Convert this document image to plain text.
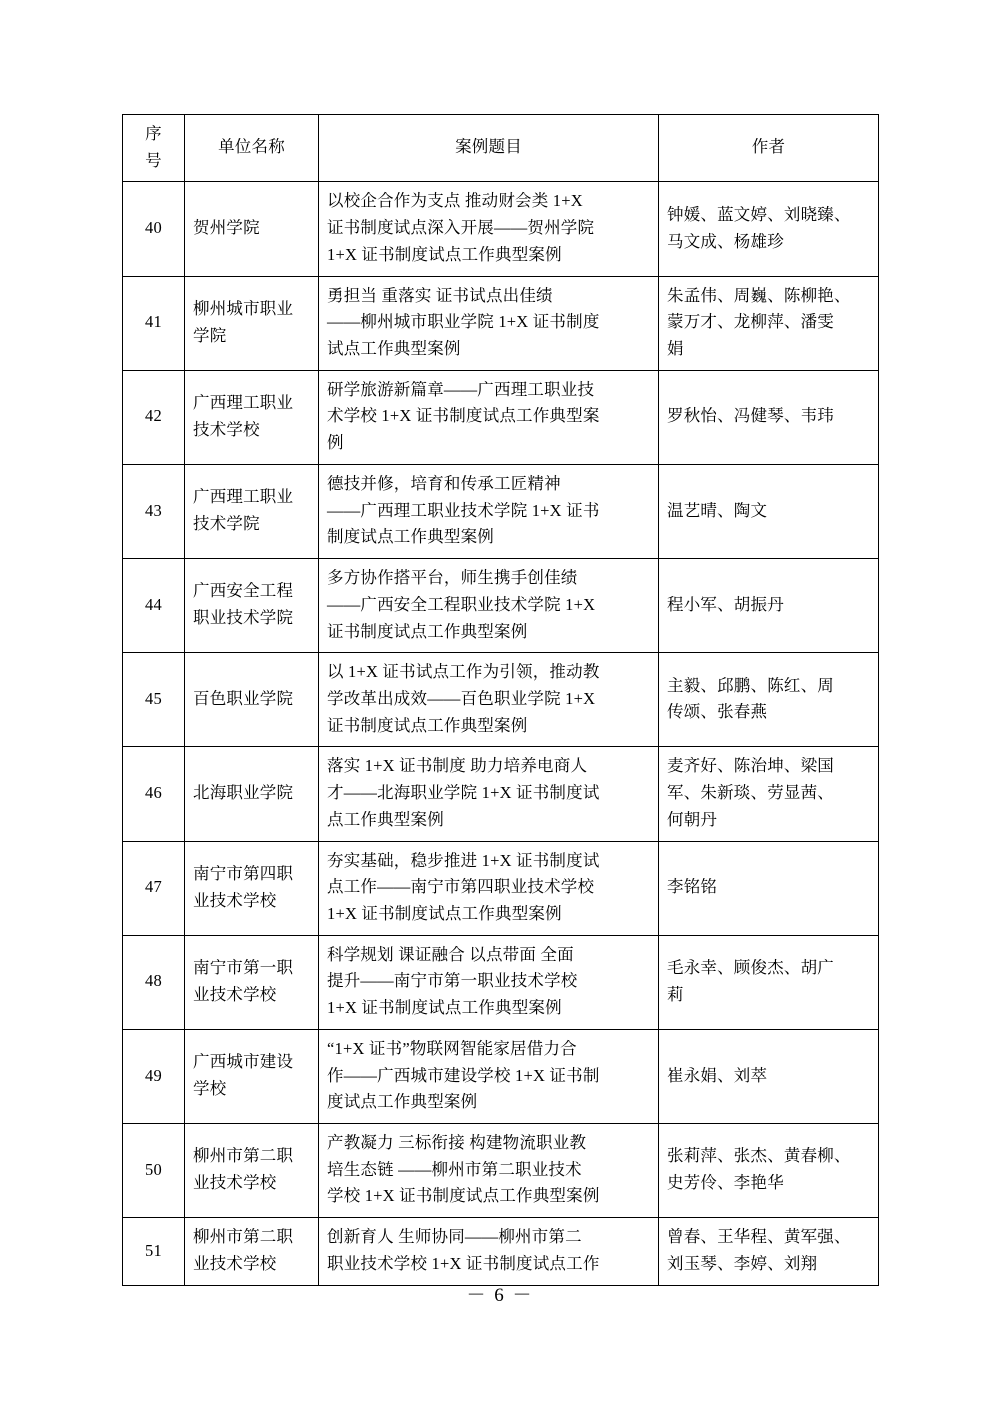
序
号	单位名称	案例题目	作者
40	贺州学院	以校企合作为支点 推动财会类 1+X
证书制度试点深入开展——贺州学院
1+X 证书制度试点工作典型案例	钟媛、蓝文婷、刘晓臻、
马文成、杨雄珍
41	柳州城市职业
学院	勇担当 重落实 证书试点出佳绩
——柳州城市职业学院 1+X 证书制度
试点工作典型案例	朱孟伟、周巍、陈柳艳、
蒙万才、龙柳萍、潘雯
娟
42	广西理工职业
技术学校	研学旅游新篇章——广西理工职业技
术学校 1+X 证书制度试点工作典型案
例	罗秋怡、冯健琴、韦玮
43	广西理工职业
技术学院	德技并修，培育和传承工匠精神
——广西理工职业技术学院 1+X 证书
制度试点工作典型案例	温艺晴、陶文
44	广西安全工程
职业技术学院	多方协作搭平台，师生携手创佳绩
——广西安全工程职业技术学院 1+X
证书制度试点工作典型案例	程小军、胡振丹
45	百色职业学院	以 1+X 证书试点工作为引领，推动教
学改革出成效——百色职业学院 1+X
证书制度试点工作典型案例	主毅、邱鹏、陈红、周
传颂、张春燕
46	北海职业学院	落实 1+X 证书制度 助力培养电商人
才——北海职业学院 1+X 证书制度试
点工作典型案例	麦齐好、陈治坤、梁国
军、朱新琰、劳显茜、
何朝丹
47	南宁市第四职
业技术学校	夯实基础，稳步推进 1+X 证书制度试
点工作——南宁市第四职业技术学校
1+X 证书制度试点工作典型案例	李铭铭
48	南宁市第一职
业技术学校	科学规划 课证融合 以点带面 全面
提升——南宁市第一职业技术学校
1+X 证书制度试点工作典型案例	毛永幸、顾俊杰、胡广
莉
49	广西城市建设
学校	“1+X 证书”物联网智能家居借力合
作——广西城市建设学校 1+X 证书制
度试点工作典型案例	崔永娟、刘萃
50	柳州市第二职
业技术学校	产教凝力 三标衔接 构建物流职业教
培生态链 ——柳州市第二职业技术
学校 1+X 证书制度试点工作典型案例	张莉萍、张杰、黄春柳、
史芳伶、李艳华
51	柳州市第二职
业技术学校	创新育人 生师协同——柳州市第二
职业技术学校 1+X 证书制度试点工作	曾春、王华程、黄军强、
刘玉琴、李婷、刘翔
－ 6 －
